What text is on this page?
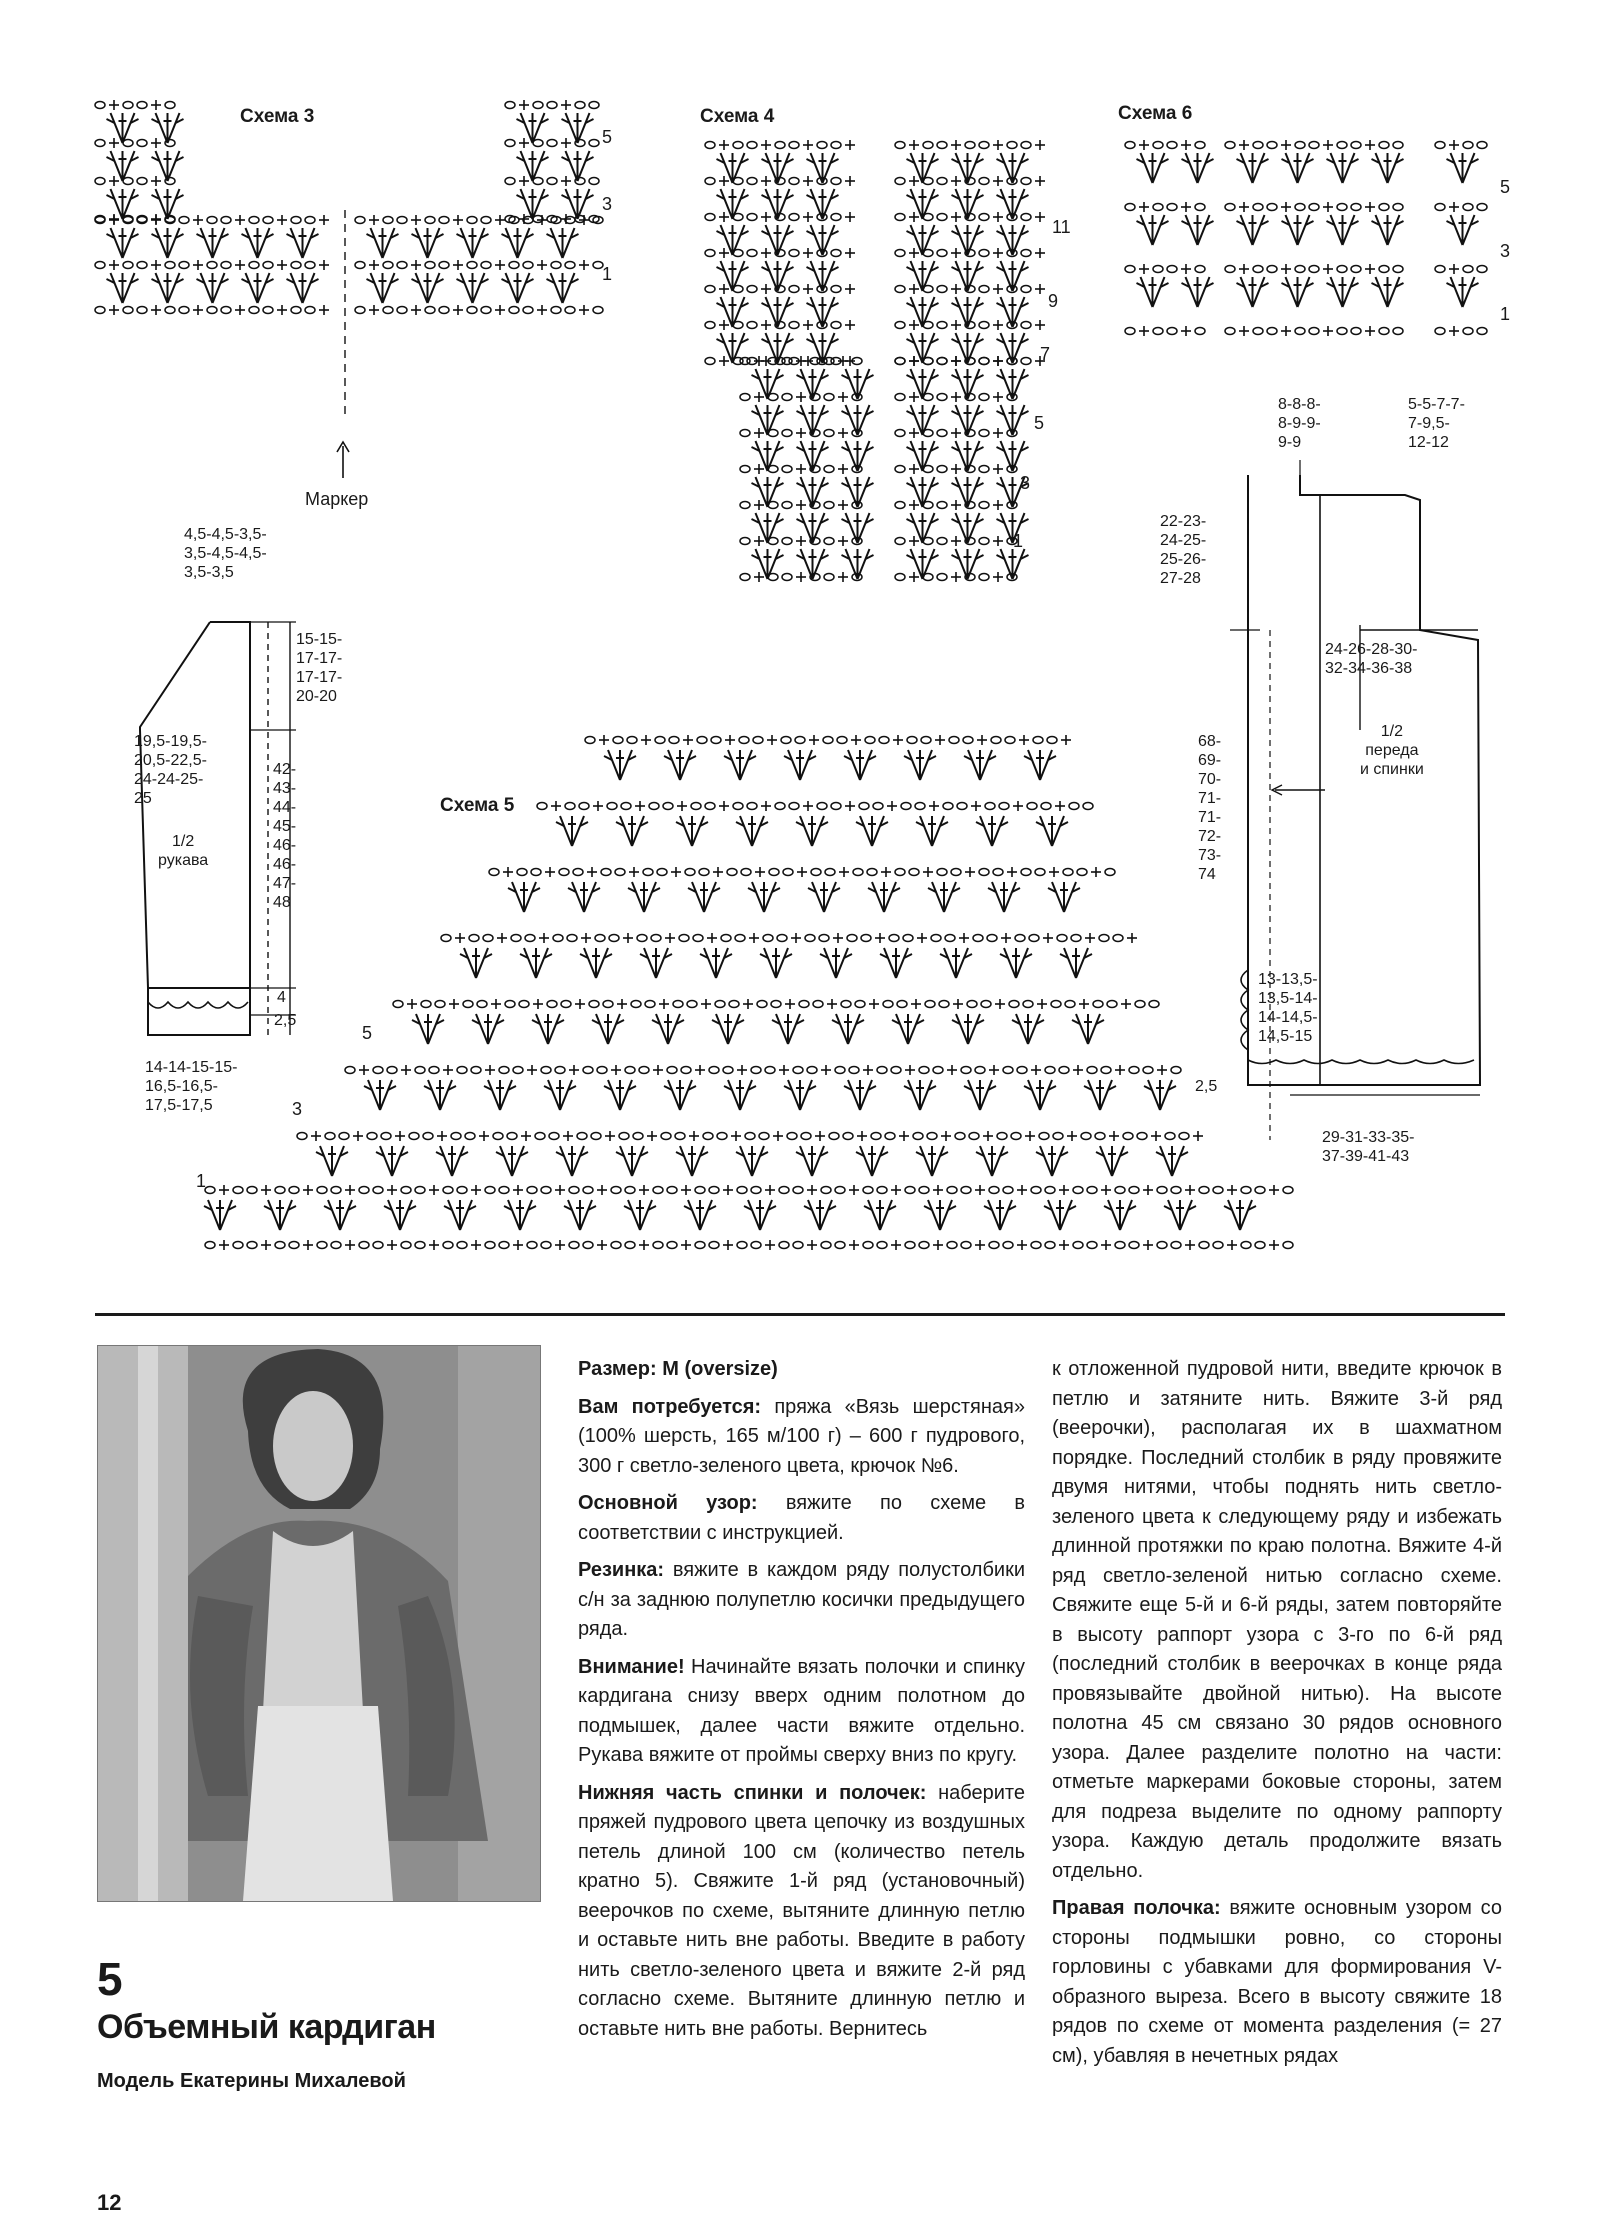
Схема 3
5
3
1
Маркер
Схема 4
11
9
7
5
3
1
Схема 6
5
3
1
Схема 5
5
3
1
4,5-4,5-3,5-
3,5-4,5-4,5-
3,5-3,5
15-15-
17-17-
17-17-
20-20
19,5-19,5-
20,5-22,5-
24-24-25-
25
1/2
рукава
42-
43-
44-
45-
46-
46-
47-
48
4
2,5
14-14-15-15-
16,5-16,5-
17,5-17,5
8-8-8-
8-9-9-
9-9
5-5-7-7-
7-9,5-
12-12
22-23-
24-25-
25-26-
27-28
24-26-28-30-
32-34-36-38
1/2
переда
и спинки
68-
69-
70-
71-
71-
72-
73-
74
13-13,5-
13,5-14-
14-14,5-
14,5-15
2,5
29-31-33-35-
37-39-41-43
5
Объемный кардиган
Модель Екатерины Михалевой

Размер: М (oversize)

Вам потребуется: пряжа «Вязь шерстяная» (100% шерсть, 165 м/100 г) – 600 г пудрового, 300 г светло-зеленого цвета, крючок №6.

Основной узор: вяжите по схеме в соответствии с инструкцией.

Резинка: вяжите в каждом ряду полустолбики с/н за заднюю полупетлю косички предыдущего ряда.

Внимание! Начинайте вязать полочки и спинку кардигана снизу вверх одним полотном до подмышек, далее части вяжите отдельно. Рукава вяжите от проймы сверху вниз по кругу.

Нижняя часть спинки и полочек: наберите пряжей пудрового цвета цепочку из воздушных петель длиной 100 см (количество петель кратно 5). Свяжите 1-й ряд (установочный) веерочков по схеме, вытяните длинную петлю и оставьте нить вне работы. Введите в работу нить светло-зеленого цвета и вяжите 2-й ряд согласно схеме. Вытяните длинную петлю и оставьте нить вне работы. Вернитесь

к отложенной пудровой нити, введите крючок в петлю и затяните нить. Вяжите 3-й ряд (веерочки), располагая их в шахматном порядке. Последний столбик в ряду провяжите двумя нитями, чтобы поднять нить светло-зеленого цвета к следующему ряду и избежать длинной протяжки по краю полотна. Вяжите 4-й ряд светло-зеленой нитью согласно схеме. Свяжите еще 5-й и 6-й ряды, затем повторяйте в высоту раппорт узора с 3-го по 6-й ряд (последний столбик в веерочках в конце ряда провязывайте двойной нитью). На высоте полотна 45 см связано 30 рядов основного узора. Далее разделите полотно на части: отметьте маркерами боковые стороны, затем для подреза выделите по одному раппорту узора. Каждую деталь продолжите вязать отдельно.

Правая полочка: вяжите основным узором со стороны подмышки ровно, со стороны горловины с убавками для формирования V-образного выреза. Всего в высоту свяжите 18 рядов по схеме от момента разделения (= 27 см), убавляя в нечетных рядах

12
